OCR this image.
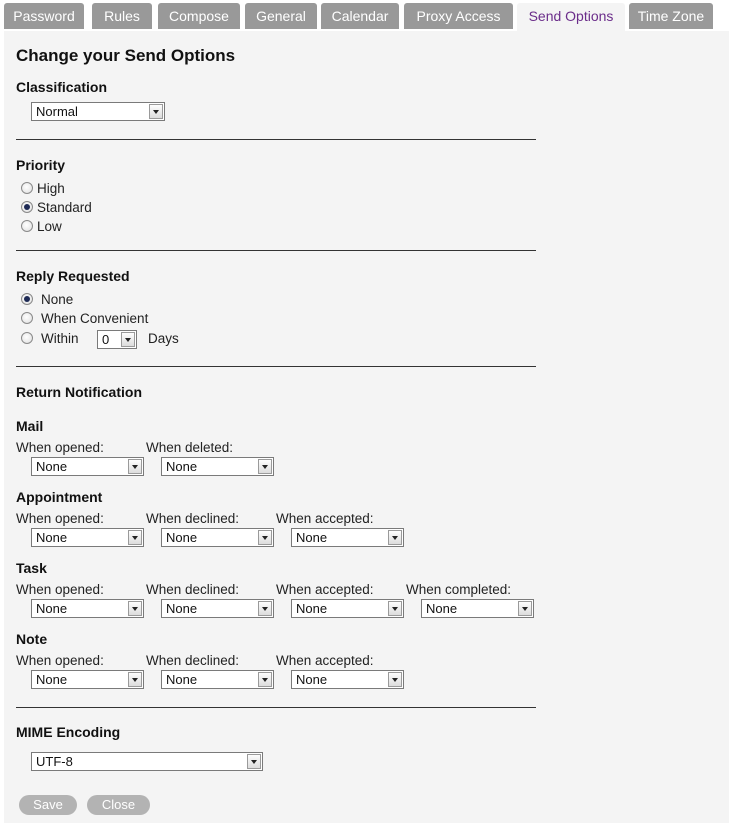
Password	Rules	Compose	General	Calendar	Proxy Access	Send Options	Time Zone
Change your Send Options
Classification
Normal
Priority
High
Standard
Low
Reply Requested
None
When Convenient
Within	0	Days
Return Notification
Mail
When opened:
None
When deleted:
None
Appointment
When opened:
None
When declined:
None
When accepted:
None
Task
When opened:
None
When declined:
None
When accepted:
None
When completed:
None
Note
When opened:
None
When declined:
None
When accepted:
None
MIME Encoding
UTF-8
Save	Close
